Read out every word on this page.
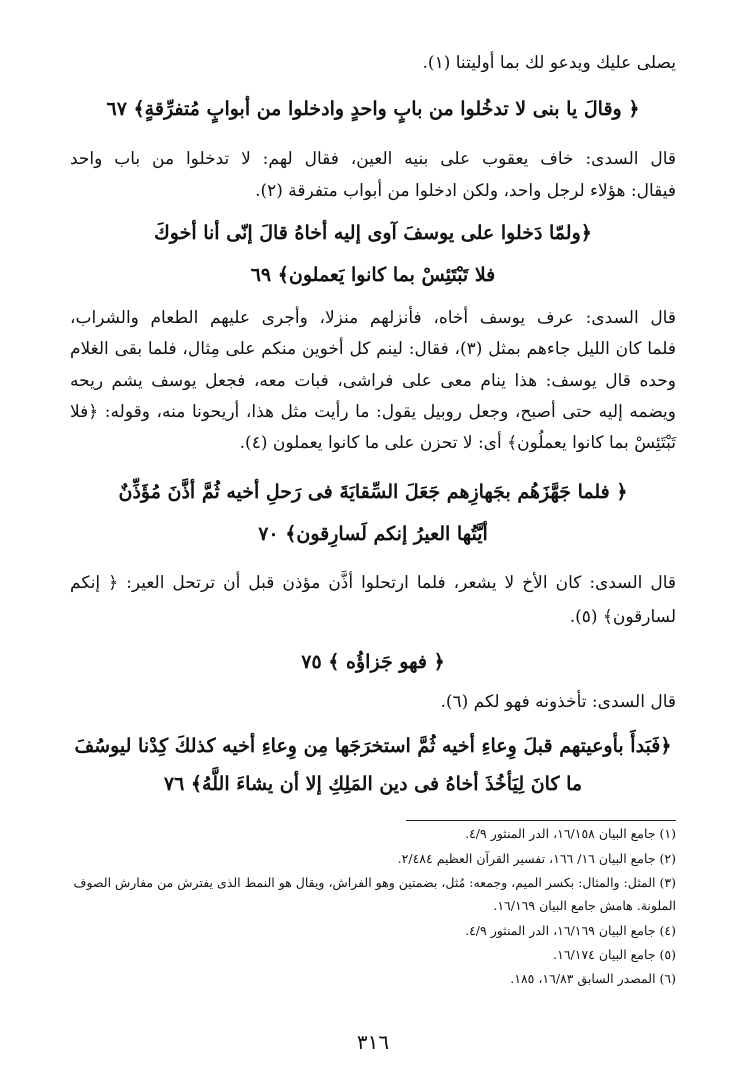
يصلى عليك ويدعو لك بما أوليتنا (١).
﴿ وقالَ يا بنى لا تدخُلوا من بابٍ واحدٍ وادخلوا من أبوابٍ مُتفرِّقةٍ﴾ ٦٧
قال السدى: خاف يعقوب على بنيه العين، فقال لهم: لا تدخلوا من باب واحد
فيقال: هؤلاء لرجل واحد، ولكن ادخلوا من أبواب متفرقة (٢).
﴿ولمّا دَخلوا على يوسفَ آوى إليه أخاهُ قالَ إنّى أنا أخوكَ
فلا تَبْتَئِسْ بما كانوا يَعملون﴾ ٦٩
قال السدى: عرف يوسف أخاه، فأنزلهم منزلا، وأجرى عليهم الطعام والشراب،
فلما كان الليل جاءهم بمثل (٣)، فقال: لينم كل أخوين منكم على مِثال، فلما بقى الغلام
وحده قال يوسف: هذا ينام معى على فراشى، فبات معه، فجعل يوسف يشم ريحه
ويضمه إليه حتى أصبح، وجعل روبيل يقول: ما رأيت مثل هذا، أريحونا منه، وقوله: ﴿فلا
تَبْتَئِسْ بما كانوا يعملُون﴾ أى: لا تحزن على ما كانوا يعملون (٤).
﴿ فلما جَهَّزَهُم بجَهازِهم جَعَلَ السِّقايَةَ فى رَحلِ أخيه ثُمَّ أذَّنَ مُؤَذِّنٌ
أيَّتُها العيرُ إنكم لَسارِقون﴾ ٧٠
قال السدى: كان الأخ لا يشعر، فلما ارتحلوا أذَّن مؤذن قبل أن ترتحل العير: ﴿ إنكم
لسارقون﴾ (٥).
﴿ فهو جَزاؤُه ﴾ ٧٥
قال السدى: تأخذونه فهو لكم (٦).
﴿فَبَدأَ بأوعيتهم قبلَ وِعاءِ أخيه ثُمَّ استخرَجَها مِن وِعاءِ أخيه كذلكَ كِدْنا ليوسُفَ
ما كانَ لِيَأخُذَ أخاهُ فى دين المَلِكِ إلا أن يشاءَ اللَّهُ﴾ ٧٦
(١) جامع البيان ١٦/١٥٨، الدر المنثور ٤/٩.
(٢) جامع البيان ١٦/ ١٦٦، تفسير القرآن العظيم ٢/٤٨٤.
(٣) المثل: والمثال: بكسر الميم، وجمعه: مُثل، بضمتين وهو الفراش، ويقال هو النمط الذى يفترش من مفارش الصوف
الملونة. هامش جامع البيان ١٦/١٦٩.
(٤) جامع البيان ١٦/١٦٩، الدر المنثور ٤/٩.
(٥) جامع البيان ١٦/١٧٤.
(٦) المصدر السابق ١٦/٨٣، ١٨٥.
٣١٦
